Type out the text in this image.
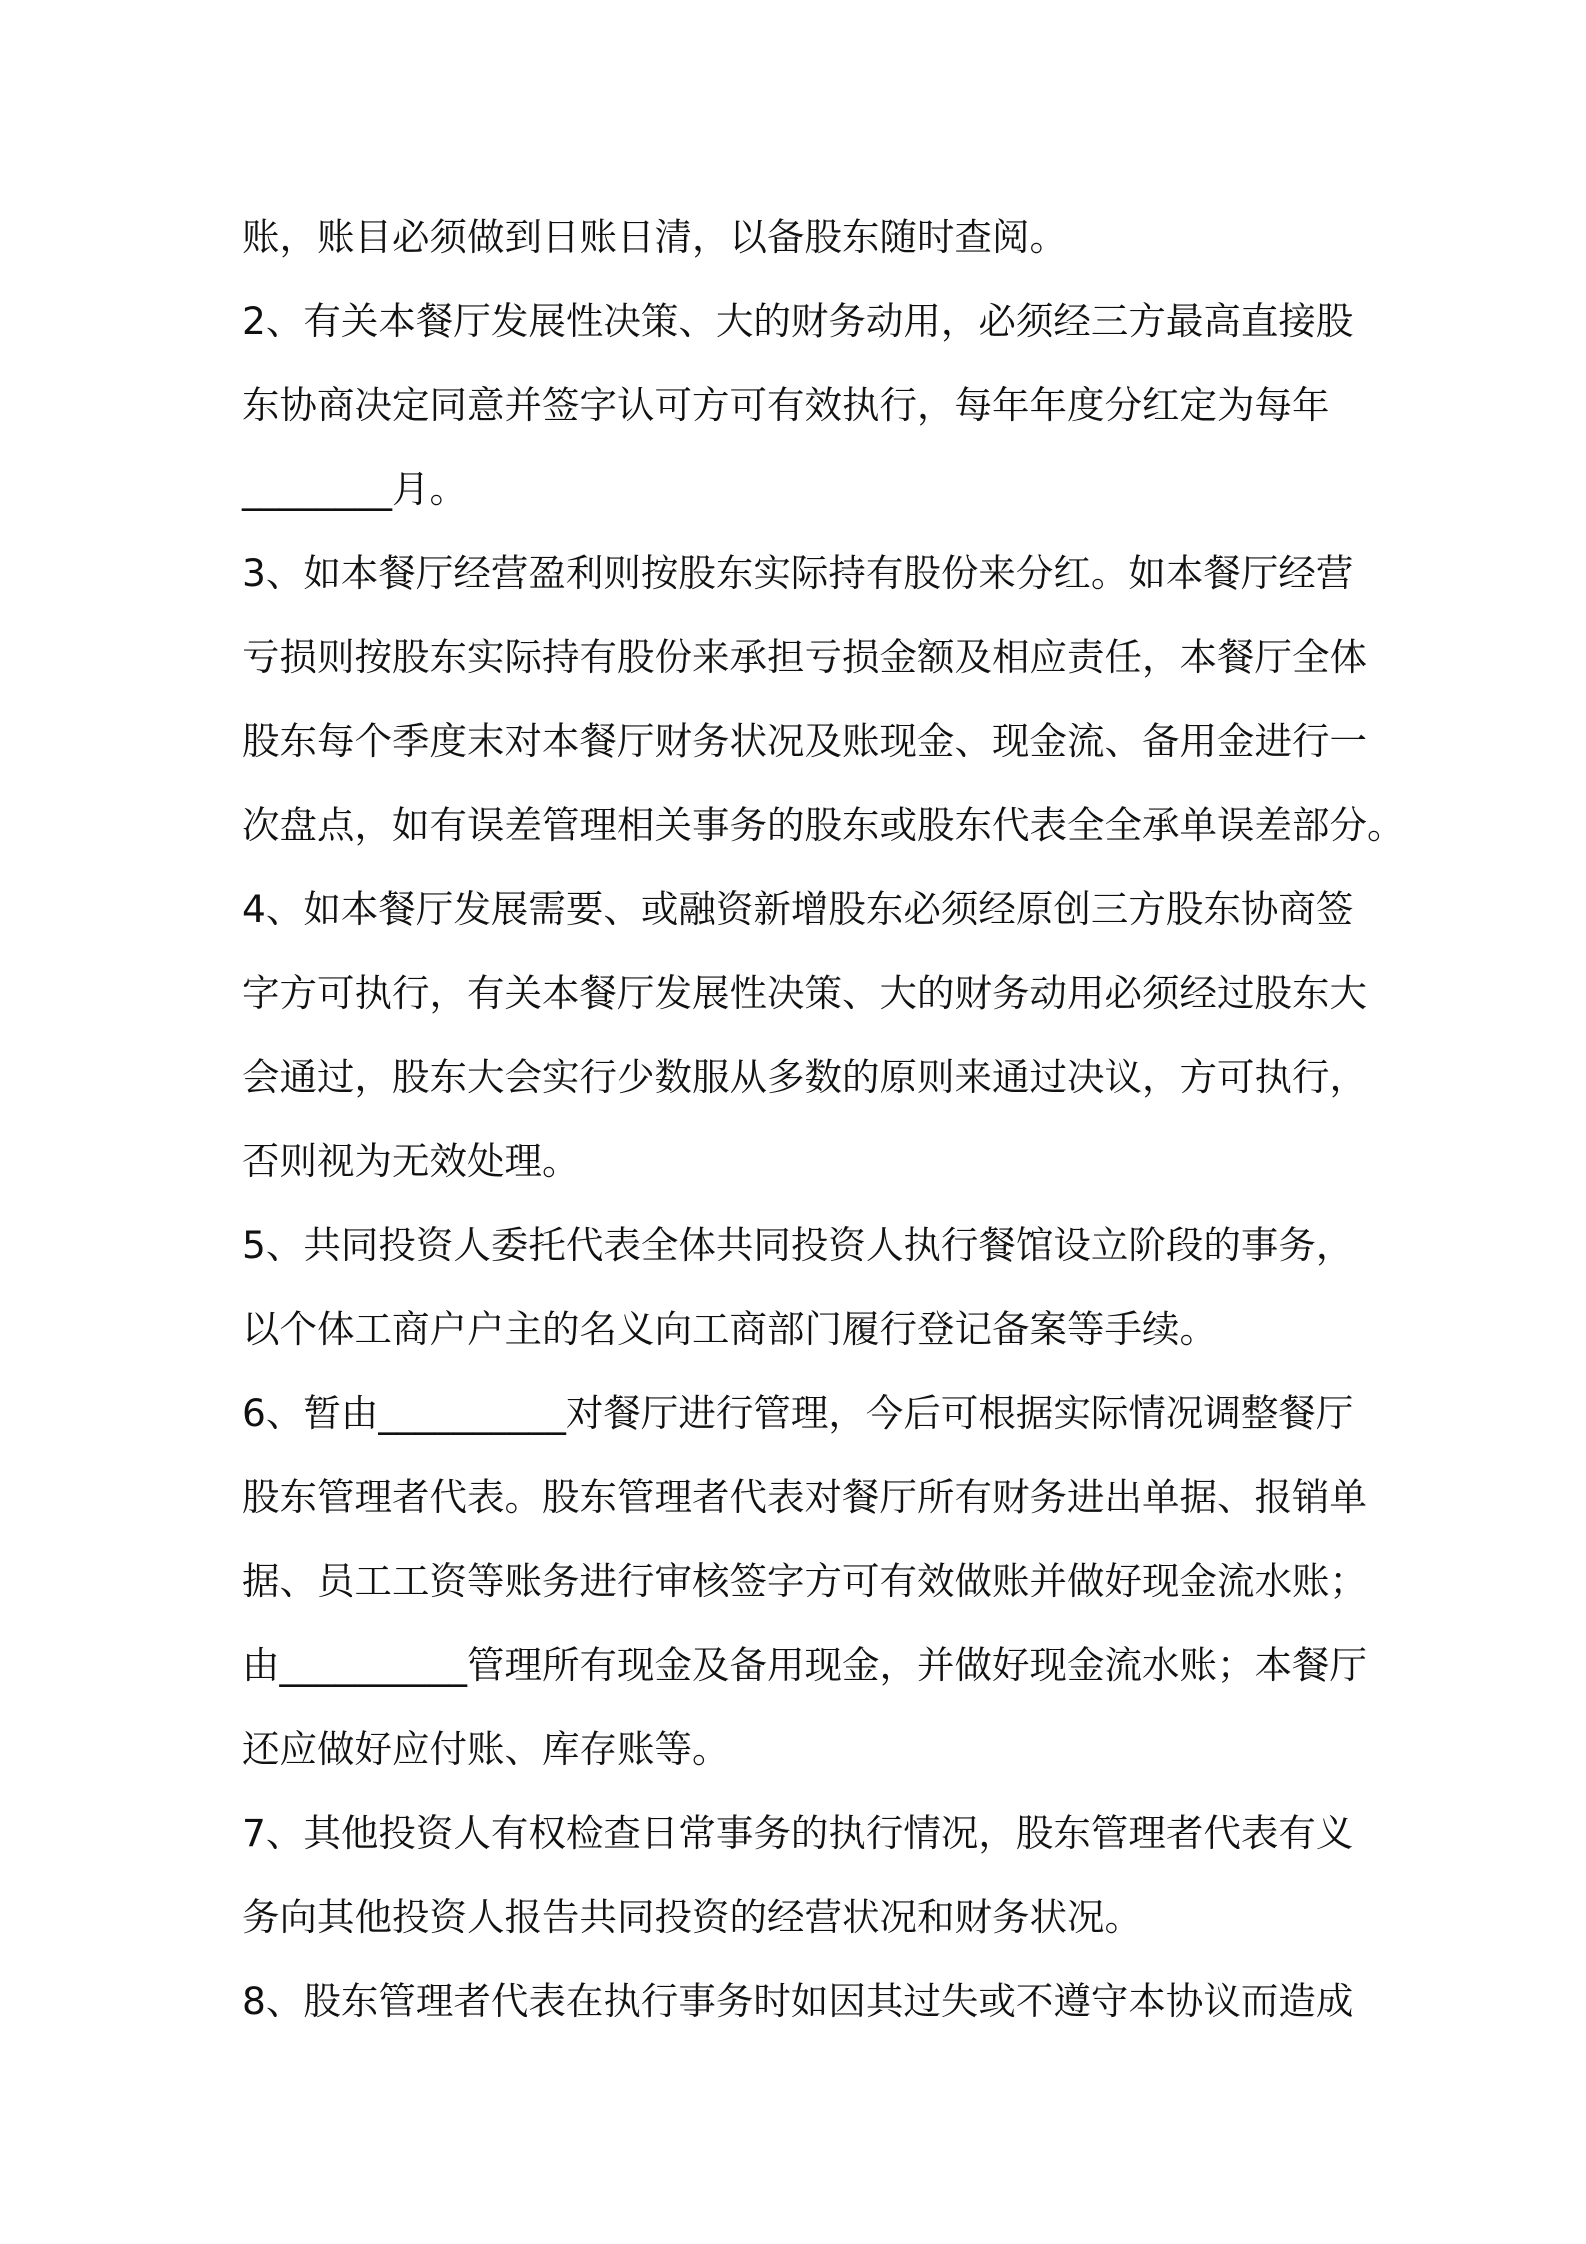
账，账目必须做到日账日清，以备股东随时查阅。
2、有关本餐厅发展性决策、大的财务动用，必须经三方最高直接股
东协商决定同意并签字认可方可有效执行，每年年度分红定为每年
________月。
3、如本餐厅经营盈利则按股东实际持有股份来分红。如本餐厅经营
亏损则按股东实际持有股份来承担亏损金额及相应责任，本餐厅全体
股东每个季度末对本餐厅财务状况及账现金、现金流、备用金进行一
次盘点，如有误差管理相关事务的股东或股东代表全全承单误差部分。
4、如本餐厅发展需要、或融资新增股东必须经原创三方股东协商签
字方可执行，有关本餐厅发展性决策、大的财务动用必须经过股东大
会通过，股东大会实行少数服从多数的原则来通过决议，方可执行，
否则视为无效处理。
5、共同投资人委托代表全体共同投资人执行餐馆设立阶段的事务，
以个体工商户户主的名义向工商部门履行登记备案等手续。
6、暂由__________对餐厅进行管理，今后可根据实际情况调整餐厅
股东管理者代表。股东管理者代表对餐厅所有财务进出单据、报销单
据、员工工资等账务进行审核签字方可有效做账并做好现金流水账；
由__________管理所有现金及备用现金，并做好现金流水账；本餐厅
还应做好应付账、库存账等。
7、其他投资人有权检查日常事务的执行情况，股东管理者代表有义
务向其他投资人报告共同投资的经营状况和财务状况。
8、股东管理者代表在执行事务时如因其过失或不遵守本协议而造成
